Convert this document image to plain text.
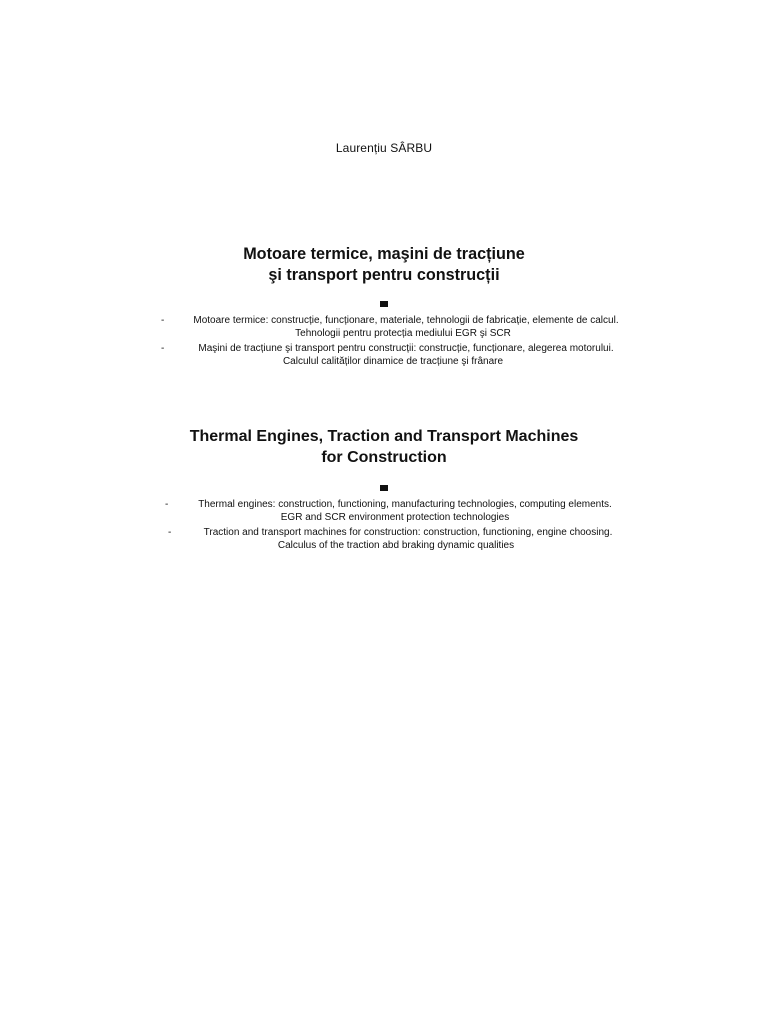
Laurențiu SÂRBU
Motoare termice, maşini de tracțiune
şi transport pentru construcții
-	Motoare termice: construcție, funcționare, materiale, tehnologii de fabricație, elemente de calcul.
Tehnologii pentru protecția mediului EGR şi SCR
-	Maşini de tracțiune şi transport pentru construcții: construcție, funcționare, alegerea motorului.
Calculul calităților dinamice de tracțiune şi frânare
Thermal Engines, Traction and Transport Machines
for Construction
-	Thermal engines: construction, functioning, manufacturing technologies, computing elements.
EGR and SCR environment protection technologies
-	Traction and transport machines for construction: construction, functioning, engine choosing.
Calculus of the traction abd braking dynamic qualities
